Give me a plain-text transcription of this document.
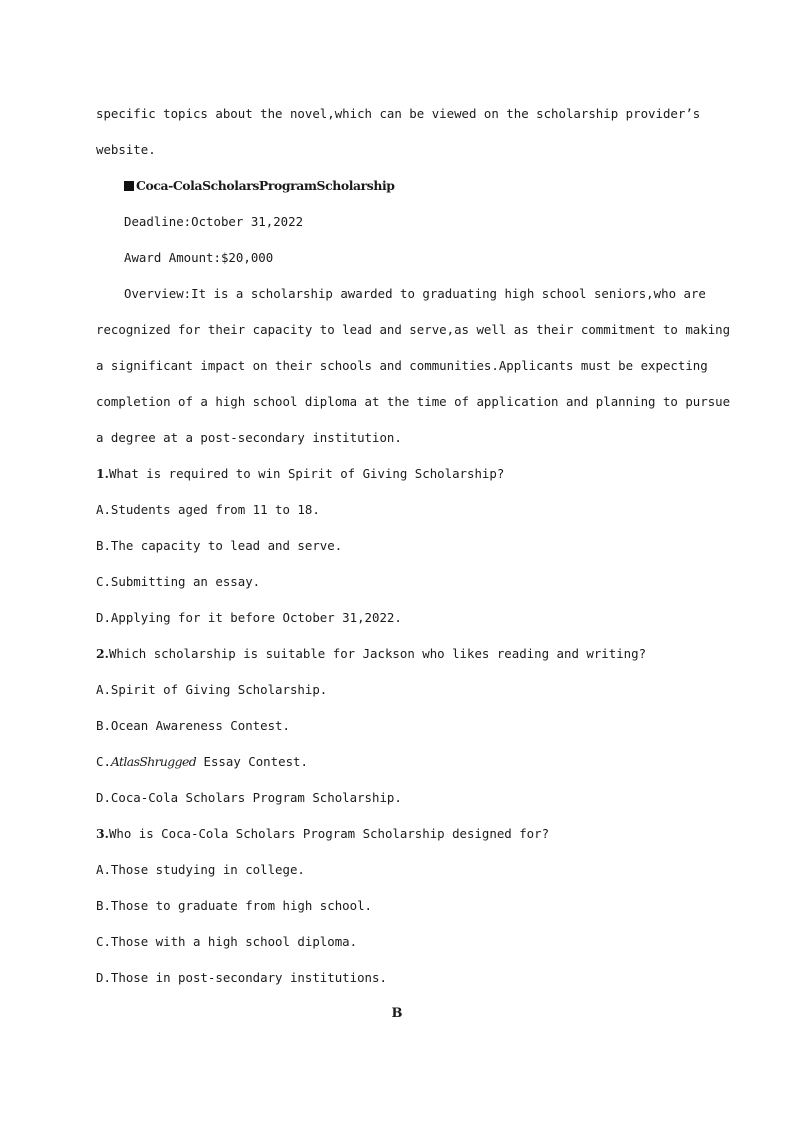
specific topics about the novel,which can be viewed on the scholarship provider’s
website.
Coca-ColaScholarsProgramScholarship
Deadline:October 31,2022
Award Amount:$20,000
Overview:It is a scholarship awarded to graduating high school seniors,who are
recognized for their capacity to lead and serve,as well as their commitment to making
a significant impact on their schools and communities.Applicants must be expecting
completion of a high school diploma at the time of application and planning to pursue
a degree at a post-secondary institution.
1.What is required to win Spirit of Giving Scholarship?
A.Students aged from 11 to 18.
B.The capacity to lead and serve.
C.Submitting an essay.
D.Applying for it before October 31,2022.
2.Which scholarship is suitable for Jackson who likes reading and writing?
A.Spirit of Giving Scholarship.
B.Ocean Awareness Contest.
C.AtlasShrugged Essay Contest.
D.Coca-Cola Scholars Program Scholarship.
3.Who is Coca-Cola Scholars Program Scholarship designed for?
A.Those studying in college.
B.Those to graduate from high school.
C.Those with a high school diploma.
D.Those in post-secondary institutions.
B
